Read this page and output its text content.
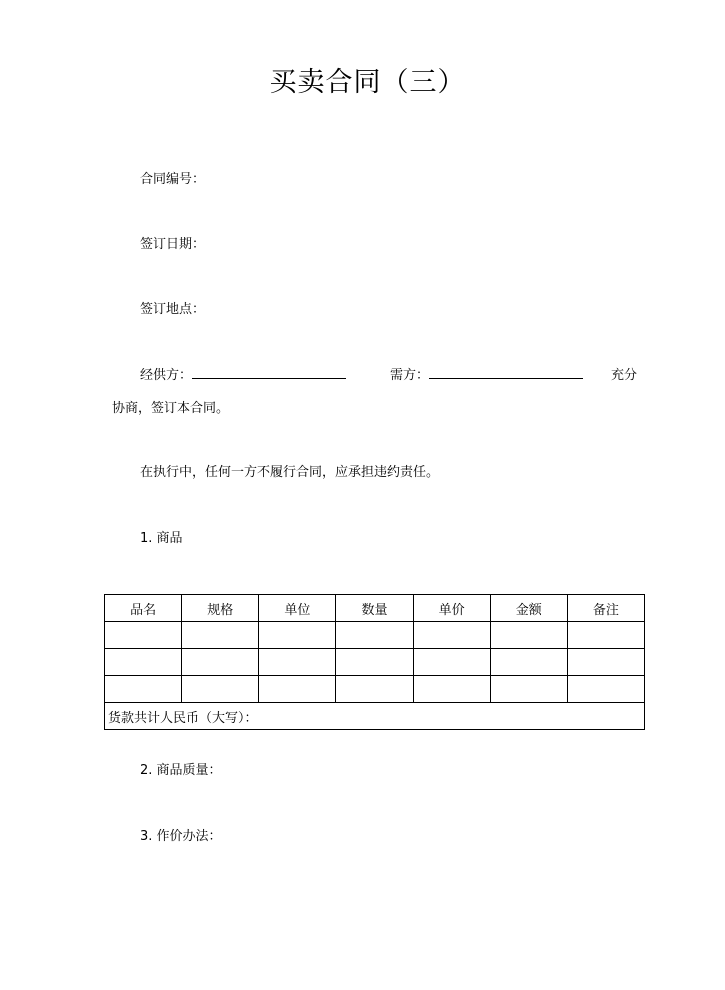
买卖合同（三）
合同编号：
签订日期：
签订地点：
经供方：	需方：	充分
协商，签订本合同。
在执行中，任何一方不履行合同，应承担违约责任。
1. 商品
品名	规格	单位	数量	单价	金额	备注

货款共计人民币（大写）：						
2. 商品质量：
3. 作价办法：
